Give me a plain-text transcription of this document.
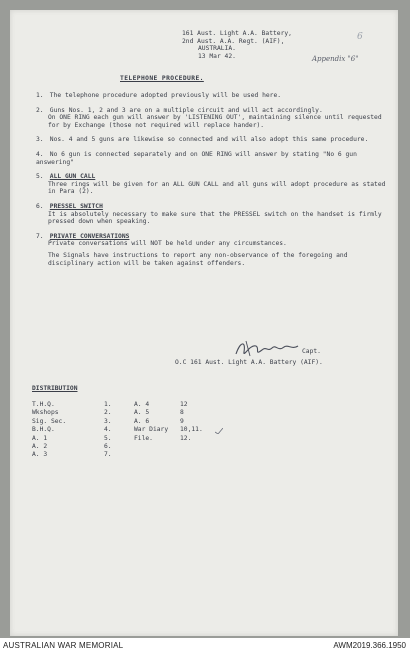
161 Aust. Light A.A. Battery,
2nd Aust. A.A. Regt. (AIF),
AUSTRALIA.
13 Mar 42.
6
Appendix "6"
TELEPHONE PROCEDURE.
1. The telephone procedure adopted previously will be used here.
2. Guns Nos. 1, 2 and 3 are on a multiple circuit and will act accordingly.
On ONE RING each gun will answer by 'LISTENING OUT', maintaining silence until requested for by Exchange (those not required will replace hander).
3. Nos. 4 and 5 guns are likewise so connected and will also adopt this same procedure.
4. No 6 gun is connected separately and on ONE RING will answer by stating "No 6 gun answering"
5. ALL GUN CALL
Three rings will be given for an ALL GUN CALL and all guns will adopt procedure as stated in Para (2).
6. PRESSEL SWITCH
It is absolutely necessary to make sure that the PRESSEL switch on the handset is firmly pressed down when speaking.
7. PRIVATE CONVERSATIONS
Private conversations will NOT be held under any circumstances.
The Signals have instructions to report any non-observance of the foregoing and disciplinary action will be taken against offenders.
Capt.
O.C 161 Aust. Light A.A. Battery (AIF).
DISTRIBUTION
T.H.Q.	1.	A. 4	12
Wkshops	2.	A. 5	8
Sig. Sec.	3.	A. 6	9
B.H.Q.	4.	War Diary	10,11.
A. 1	5.	File.	12.
A. 2	6.		
A. 3	7.		
AUSTRALIAN WAR MEMORIAL	AWM2019.366.1950
